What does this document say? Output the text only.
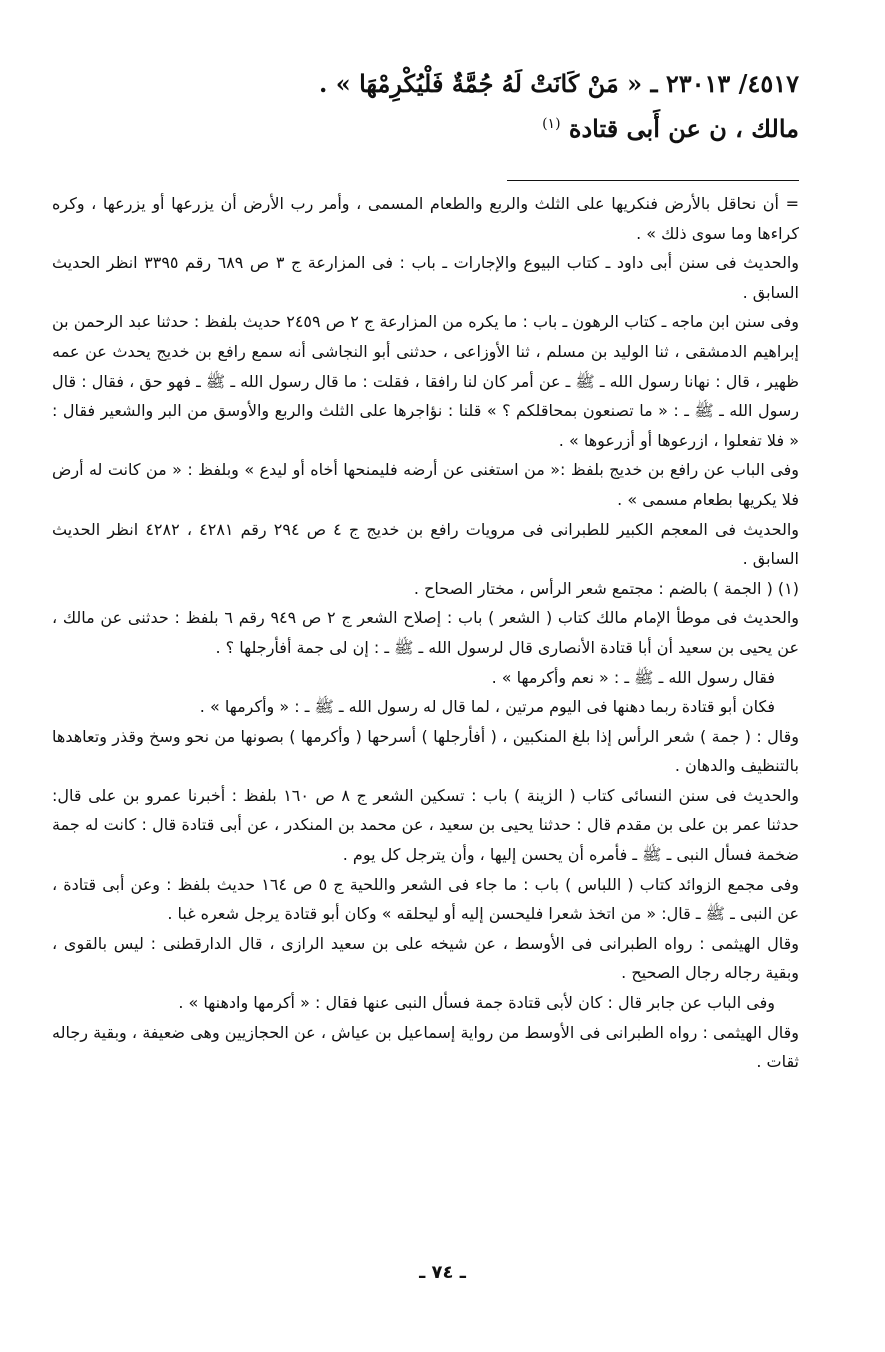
٤٥١٧/ ٢٣٠١٣ ـ « مَنْ كَانَتْ لَهُ جُمَّةٌ فَلْيُكْرِمْهَا » .
مالك ، ن عن أَبى قتادة $^{(١)}$

= أن نحاقل بالأرض فنكريها على الثلث والربع والطعام المسمى ، وأمر رب الأرض أن يزرعها أو يزرعها ، وكره كراءها وما سوى ذلك » .

والحديث فى سنن أبى داود ـ كتاب البيوع والإجارات ـ باب : فى المزارعة ج ٣ ص ٦٨٩ رقم ٣٣٩٥ انظر الحديث السابق .

وفى سنن ابن ماجه ـ كتاب الرهون ـ باب : ما يكره من المزارعة ج ٢ ص ٢٤٥٩ حديث بلفظ : حدثنا عبد الرحمن بن إبراهيم الدمشقى ، ثنا الوليد بن مسلم ، ثنا الأوزاعى ، حدثنى أبو النجاشى أنه سمع رافع بن خديج يحدث عن عمه ظهير ، قال : نهانا رسول الله ـ ﷺ ـ عن أمر كان لنا رافقا ، فقلت : ما قال رسول الله ـ ﷺ ـ فهو حق ، فقال : قال رسول الله ـ ﷺ ـ : « ما تصنعون بمحاقلكم ؟ » قلنا : نؤاجرها على الثلث والربع والأوسق من البر والشعير فقال : « فلا تفعلوا ، ازرعوها أو أزرعوها » .

وفى الباب عن رافع بن خديج بلفظ :« من استغنى عن أرضه فليمنحها أخاه أو ليدع » وبلفظ : « من كانت له أرض فلا يكريها بطعام مسمى » .

والحديث فى المعجم الكبير للطبرانى فى مرويات رافع بن خديج ج ٤ ص ٢٩٤ رقم ٤٢٨١ ، ٤٢٨٢ انظر الحديث السابق .

(١) ( الجمة ) بالضم : مجتمع شعر الرأس ، مختار الصحاح .

والحديث فى موطأ الإمام مالك كتاب ( الشعر ) باب : إصلاح الشعر ج ٢ ص ٩٤٩ رقم ٦ بلفظ : حدثنى عن مالك ، عن يحيى بن سعيد أن أبا قتادة الأنصارى قال لرسول الله ـ ﷺ ـ : إن لى جمة أفأرجلها ؟ .

فقال رسول الله ـ ﷺ ـ : « نعم وأكرمها » .

فكان أبو قتادة ربما دهنها فى اليوم مرتين ، لما قال له رسول الله ـ ﷺ ـ : « وأكرمها » .

وقال : ( جمة ) شعر الرأس إذا بلغ المنكبين ، ( أفأرجلها ) أسرحها ( وأكرمها ) بصونها من نحو وسخ وقذر وتعاهدها بالتنظيف والدهان .

والحديث فى سنن النسائى كتاب ( الزينة ) باب : تسكين الشعر ج ٨ ص ١٦٠ بلفظ : أخبرنا عمرو بن على قال: حدثنا عمر بن على بن مقدم قال : حدثنا يحيى بن سعيد ، عن محمد بن المنكدر ، عن أبى قتادة قال : كانت له جمة ضخمة فسأل النبى ـ ﷺ ـ فأمره أن يحسن إليها ، وأن يترجل كل يوم .

وفى مجمع الزوائد كتاب ( اللباس ) باب : ما جاء فى الشعر واللحية ج ٥ ص ١٦٤ حديث بلفظ : وعن أبى قتادة ، عن النبى ـ ﷺ ـ قال: « من اتخذ شعرا فليحسن إليه أو ليحلقه » وكان أبو قتادة يرجل شعره غبا .

وقال الهيثمى : رواه الطبرانى فى الأوسط ، عن شيخه على بن سعيد الرازى ، قال الدارقطنى : ليس بالقوى ، وبقية رجاله رجال الصحيح .

وفى الباب عن جابر قال : كان لأبى قتادة جمة فسأل النبى عنها فقال : « أكرمها وادهنها » .

وقال الهيثمى : رواه الطبرانى فى الأوسط من رواية إسماعيل بن عياش ، عن الحجازيين وهى ضعيفة ، وبقية رجاله ثقات .

ـ ٧٤ ـ
